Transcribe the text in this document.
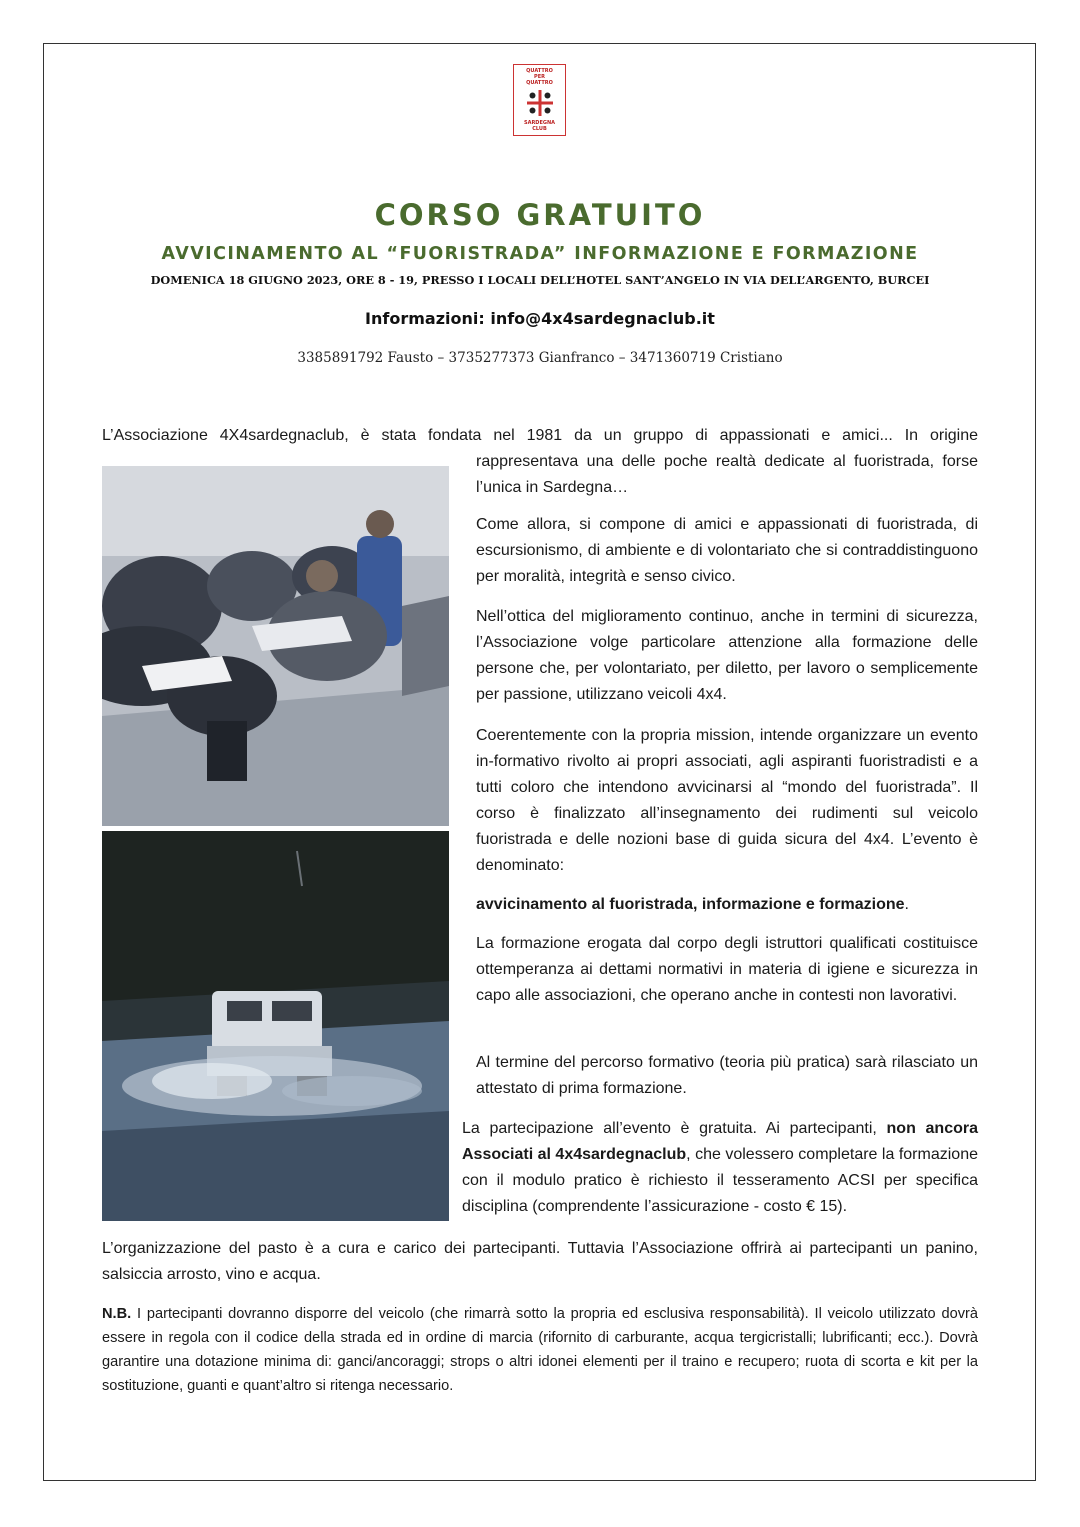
QUATTRO
PER
QUATTRO
SARDEGNA
CLUB
CORSO GRATUITO
AVVICINAMENTO AL “FUORISTRADA” INFORMAZIONE E FORMAZIONE
DOMENICA 18 GIUGNO 2023, ORE 8 - 19, PRESSO I LOCALI DELL’HOTEL SANT’ANGELO IN VIA DELL’ARGENTO, BURCEI
Informazioni: info@4x4sardegnaclub.it
3385891792 Fausto – 3735277373 Gianfranco – 3471360719 Cristiano
L’Associazione 4X4sardegnaclub, è stata fondata nel 1981 da un gruppo di appassionati e amici... In origine
rappresentava una delle poche realtà dedicate al fuoristrada, forse l’unica in Sardegna…
Come allora, si compone di amici e appassionati di fuoristrada, di escursionismo, di ambiente e di volontariato che si contraddistinguono per moralità, integrità e senso civico.
Nell’ottica del miglioramento continuo, anche in termini di sicurezza, l’Associazione volge particolare attenzione alla formazione delle persone che, per volontariato, per diletto, per lavoro o semplicemente per passione, utilizzano veicoli 4x4.
Coerentemente con la propria mission, intende organizzare un evento in-formativo rivolto ai propri associati, agli aspiranti fuoristradisti e a tutti coloro che intendono avvicinarsi al “mondo del fuoristrada”. Il corso è finalizzato all’insegnamento dei rudimenti sul veicolo fuoristrada e delle nozioni base di guida sicura del 4x4. L’evento è denominato:
avvicinamento al fuoristrada, informazione e formazione.
La formazione erogata dal corpo degli istruttori qualificati costituisce ottemperanza ai dettami normativi in materia di igiene e sicurezza in capo alle associazioni, che operano anche in contesti non lavorativi.
Al termine del percorso formativo (teoria più pratica) sarà rilasciato un attestato di prima formazione.
La partecipazione all’evento è gratuita. Ai partecipanti, non ancora Associati al 4x4sardegnaclub, che volessero completare la formazione con il modulo pratico è richiesto il tesseramento ACSI per specifica disciplina (comprendente l’assicurazione - costo € 15).
L’organizzazione del pasto è a cura e carico dei partecipanti. Tuttavia l’Associazione offrirà ai partecipanti un panino, salsiccia arrosto, vino e acqua.
N.B. I partecipanti dovranno disporre del veicolo (che rimarrà sotto la propria ed esclusiva responsabilità). Il veicolo utilizzato dovrà essere in regola con il codice della strada ed in ordine di marcia (rifornito di carburante, acqua tergicristalli; lubrificanti; ecc.). Dovrà garantire una dotazione minima di: ganci/ancoraggi; strops o altri idonei elementi per il traino e recupero; ruota di scorta e kit per la sostituzione, guanti e quant’altro si ritenga necessario.
